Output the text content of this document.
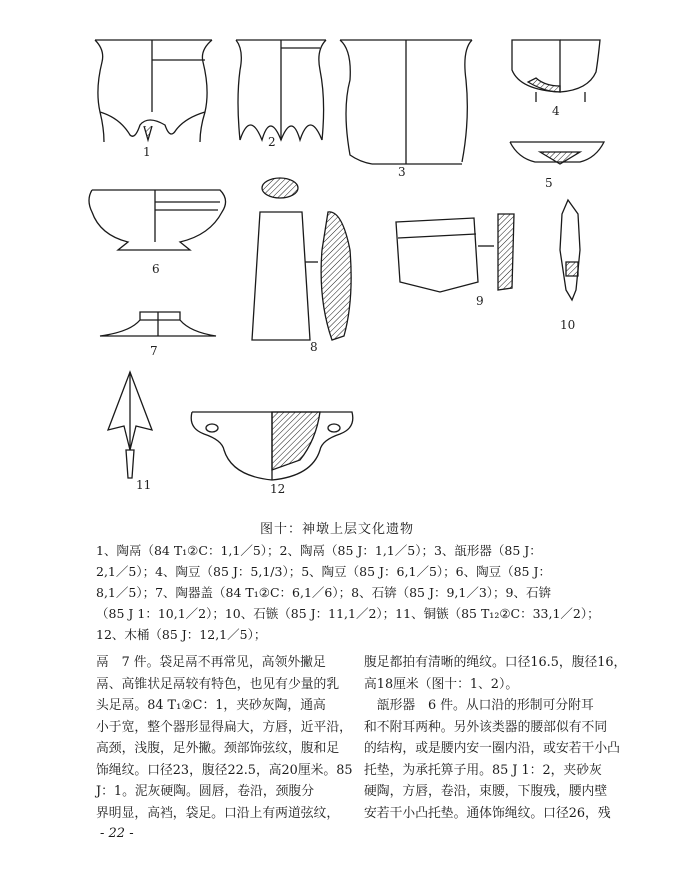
1
2
3
4
5
6
7	8
9
10
11	12
图十：神墩上层文化遗物
1、陶鬲（84 T₁②C：1,1／5）；2、陶鬲（85 J：1,1／5）；3、瓿形器（85 J：
2,1／5）；4、陶豆（85 J：5,1/3）；5、陶豆（85 J：6,1／5）；6、陶豆（85 J：
8,1／5）；7、陶器盖（84 T₁②C：6,1／6）；8、石锛（85 J：9,1／3）；9、石锛
（85 J 1：10,1／2）；10、石镞（85 J：11,1／2）；11、铜镞（85 T₁₂②C：33,1／2）；
12、木桶（85 J：12,1／5）；
鬲　7 件。袋足鬲不再常见，高领外撇足
鬲、高锥状足鬲较有特色，也见有少量的乳
头足鬲。84 T₁②C：1，夹砂灰陶，通高
小于宽，整个器形显得扁大，方唇，近平沿，
高颈，浅腹，足外撇。颈部饰弦纹，腹和足
饰绳纹。口径23，腹径22.5，高20厘米。85
J：1。泥灰硬陶。圆唇，卷沿，颈腹分
界明显，高裆，袋足。口沿上有两道弦纹，
腹足都拍有清晰的绳纹。口径16.5，腹径16，
高18厘米（图十：1、2）。
　瓿形器　6 件。从口沿的形制可分附耳
和不附耳两种。另外该类器的腰部似有不同
的结构，或是腰内安一圈内沿，或安若干小凸
托垫，为承托箅子用。85 J 1：2，夹砂灰
硬陶，方唇，卷沿，束腰，下腹残，腰内壁
安若干小凸托垫。通体饰绳纹。口径26，残
- 22 -
